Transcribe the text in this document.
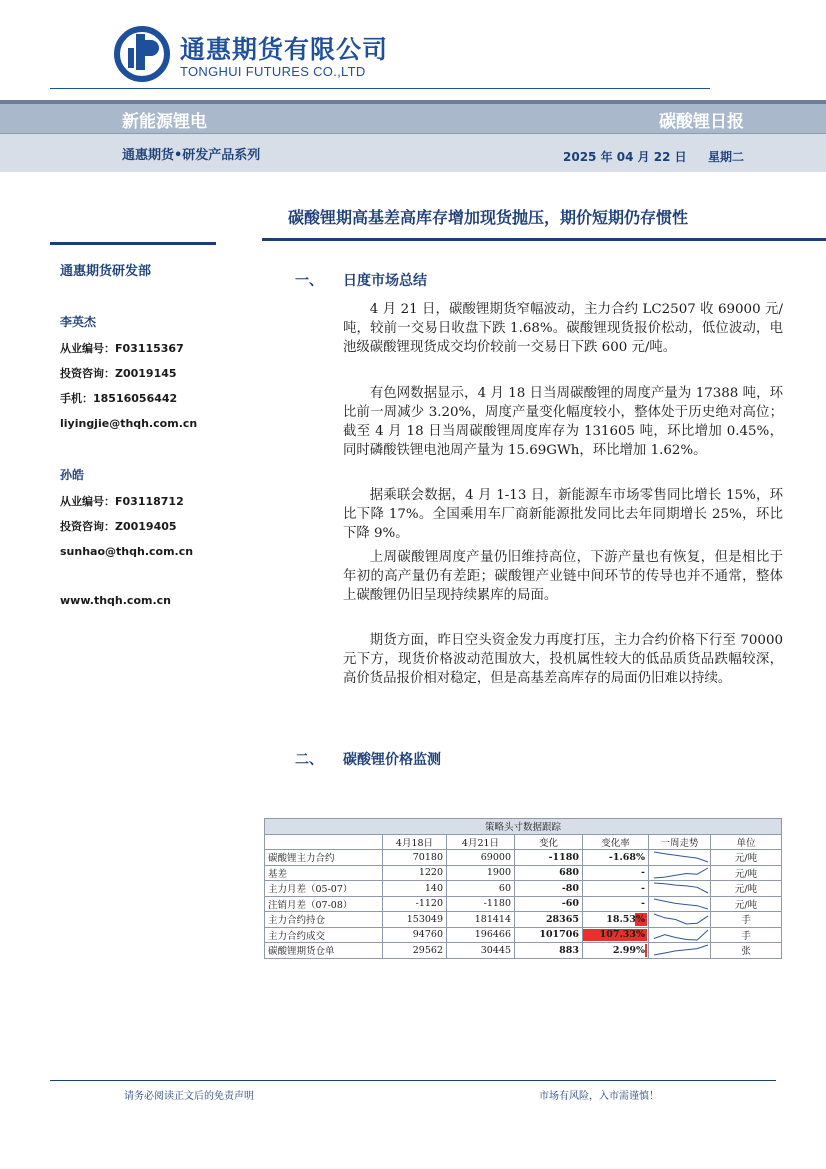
通惠期货有限公司
TONGHUI FUTURES CO.,LTD
新能源锂电	碳酸锂日报
通惠期货•研发产品系列	2025 年 04 月 22 日 星期二
碳酸锂期高基差高库存增加现货抛压，期价短期仍存惯性
通惠期货研发部
李英杰
从业编号：F03115367
投资咨询：Z0019145
手机：18516056442
liyingjie@thqh.com.cn
孙皓
从业编号：F03118712
投资咨询：Z0019405
sunhao@thqh.com.cn
www.thqh.com.cn
一、 日度市场总结

4 月 21 日，碳酸锂期货窄幅波动，主力合约 LC2507 收 69000 元/吨，较前一交易日收盘下跌 1.68%。碳酸锂现货报价松动，低位波动，电池级碳酸锂现货成交均价较前一交易日下跌 600 元/吨。

有色网数据显示，4 月 18 日当周碳酸锂的周度产量为 17388 吨，环比前一周减少 3.20%，周度产量变化幅度较小，整体处于历史绝对高位；截至 4 月 18 日当周碳酸锂周度库存为 131605 吨，环比增加 0.45%，同时磷酸铁锂电池周产量为 15.69GWh，环比增加 1.62%。

据乘联会数据，4 月 1-13 日，新能源车市场零售同比增长 15%，环比下降 17%。全国乘用车厂商新能源批发同比去年同期增长 25%，环比下降 9%。

上周碳酸锂周度产量仍旧维持高位，下游产量也有恢复，但是相比于年初的高产量仍有差距；碳酸锂产业链中间环节的传导也并不通常，整体上碳酸锂仍旧呈现持续累库的局面。

期货方面，昨日空头资金发力再度打压，主力合约价格下行至 70000 元下方，现货价格波动范围放大，投机属性较大的低品质货品跌幅较深，高价货品报价相对稳定，但是高基差高库存的局面仍旧难以持续。

二、 碳酸锂价格监测
策略头寸数据跟踪						
	4月18日	4月21日	变化	变化率	一周走势	单位
碳酸锂主力合约	70180	69000	-1180	-1.68%		元/吨
基差	1220	1900	680	-		元/吨
主力月差（05-07）	140	60	-80	-		元/吨
注销月差（07-08）	-1120	-1180	-60	-		元/吨
主力合约持仓	153049	181414	28365	18.53%		手
主力合约成交	94760	196466	101706	107.33%		手
碳酸锂期货仓单	29562	30445	883	2.99%		张
请务必阅读正文后的免责声明	市场有风险，入市需谨慎！
